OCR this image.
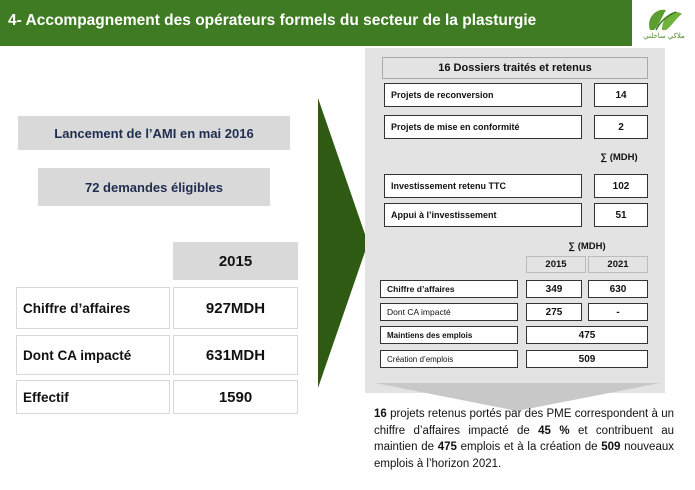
4- Accompagnement des opérateurs formels du secteur de la plasturgie
ملاكي ساخلني
Lancement de l’AMI en mai 2016
72 demandes éligibles
2015
Chiffre d’affaires	927MDH
Dont CA impacté	631MDH
Effectif	1590
16 Dossiers traités et retenus
Projets de reconversion	14
Projets de mise en conformité	2
∑ (MDH)
Investissement retenu TTC	102
Appui à l’investissement	51
∑ (MDH)
2015	2021
Chiffre d’affaires	349	630
Dont CA impacté	275	-
Maintiens des emplois	475
Création d’emplois	509
16 projets retenus portés par des PME correspondent à un chiffre d’affaires impacté de 45 % et contribuent au maintien de 475 emplois et à la création de 509 nouveaux emplois à l’horizon 2021.
